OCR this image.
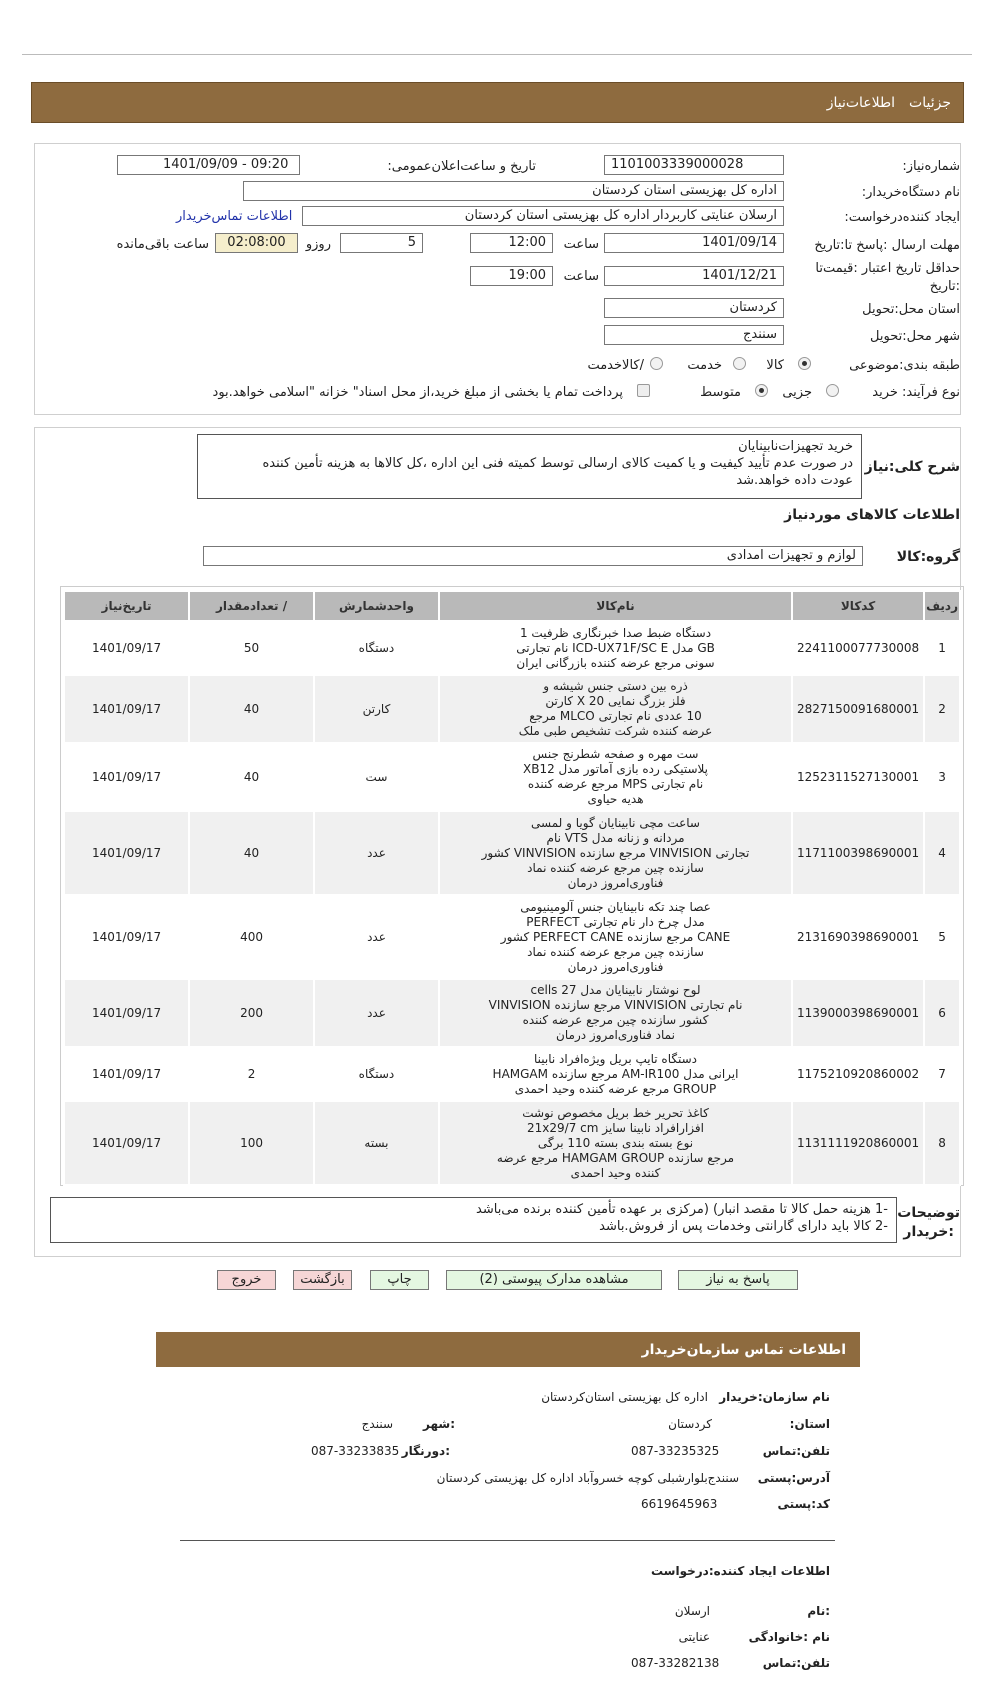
جزئیات
اطلاعات‌نیاز
شماره‌نیاز:
1101003339000028
تاریخ و ساعت‌اعلان‌عمومی:
1401/09/09 - 09:20
نام دستگاه‌خریدار:
اداره کل بهزیستی استان کردستان
ایجاد کننده‌درخواست:
ارسلان عنایتی کاربردار اداره کل بهزیستی استان کردستان
اطلاعات تماس‌خریدار
مهلت ارسال :پاسخ تا:تاریخ
1401/09/14
ساعت
12:00
5
روزو
02:08:00
ساعت باقی‌مانده
حداقل تاریخ اعتبار :قیمت‌تا
:تاریخ
1401/12/21
ساعت
19:00
استان محل:تحویل
کردستان
شهر محل:تحویل
سنندج
طبقه بندی:موضوعی
کالا
خدمت
/کالاخدمت
نوع فرآیند: خرید
جزیی
متوسط
پرداخت تمام یا بخشی از مبلغ خرید،از محل اسناد" خزانه "اسلامی خواهد.بود
شرح کلی:نیاز
خرید تجهیزات‌نابینایان
در صورت عدم تأیید کیفیت و یا کمیت کالای ارسالی توسط کمیته فنی این اداره ،کل کالاها به هزینه تأمین کننده
عودت داده خواهد.شد
اطلاعات کالاهای موردنیاز
گروه:کالا
لوازم و تجهیزات امدادی
ردیف	کدکالا	نام‌کالا	واحدشمارش	/ تعدادمقدار	تاریخ‌نیاز
1	2241100077730008	دستگاه ضبط صدا خبرنگاری ظرفیت 1
GB مدل ICD-UX71F/SC E نام تجارتی
سونی مرجع عرضه کننده بازرگانی ایران	دستگاه	50	1401/09/17
2	2827150091680001	ذره بین دستی جنس شیشه و
فلز بزرگ نمایی X 20 کارتن
10 عددی نام تجارتی MLCO مرجع
عرضه کننده شرکت تشخیص طبی ملک	کارتن	40	1401/09/17
3	1252311527130001	ست مهره و صفحه شطرنج جنس
پلاستیکی رده بازی آماتور مدل XB12
نام تجارتی MPS مرجع عرضه کننده
هدیه حیاوی	ست	40	1401/09/17
4	1171100398690001	ساعت مچی نابینایان گویا و لمسی
مردانه و زنانه مدل VTS نام
تجارتی VINVISION مرجع سازنده VINVISION کشور
سازنده چین مرجع عرضه کننده نماد
فناوری‌امروز درمان	عدد	40	1401/09/17
5	2131690398690001	عصا چند تکه نابینایان جنس آلومینیومی
مدل چرخ دار نام تجارتی PERFECT
CANE مرجع سازنده PERFECT CANE کشور
سازنده چین مرجع عرضه کننده نماد
فناوری‌امروز درمان	عدد	400	1401/09/17
6	1139000398690001	لوح نوشتار نابینایان مدل 27 cells
نام تجارتی VINVISION مرجع سازنده VINVISION
کشور سازنده چین مرجع عرضه کننده
نماد فناوری‌امروز درمان	عدد	200	1401/09/17
7	1175210920860002	دستگاه تایپ بریل ویژه‌افراد نابینا
ایرانی مدل AM-IR100 مرجع سازنده HAMGAM
GROUP مرجع عرضه کننده وحید احمدی	دستگاه	2	1401/09/17
8	1131111920860001	کاغذ تحریر خط بریل مخصوص نوشت
افزارافراد نابینا سایز 21x29/7 cm
نوع بسته بندی بسته 110 برگی
مرجع سازنده HAMGAM GROUP مرجع عرضه
کننده وحید احمدی	بسته	100	1401/09/17
توضیحات
:خریدار
-1 هزینه حمل کالا تا مقصد انبار) (مرکزی بر عهده تأمین کننده برنده می‌باشد
-2 کالا باید دارای گارانتی وخدمات پس از فروش.باشد
پاسخ به نیاز
مشاهده مدارک پیوستی (2)
چاپ
بازگشت
خروج
اطلاعات تماس سازمان‌خریدار
نام سازمان:خریدار
اداره کل بهزیستی استان‌کردستان
استان:
کردستان
:شهر
سنندج
تلفن:تماس
087-33235325
:دورنگار
087-33233835
آدرس:پستی
سنندج‌بلوارشبلی کوچه خسروآباد اداره کل بهزیستی کردستان
کد:پستی
6619645963
اطلاعات ایجاد کننده:درخواست
:نام
ارسلان
نام :خانوادگی
عنایتی
تلفن:تماس
087-33282138
